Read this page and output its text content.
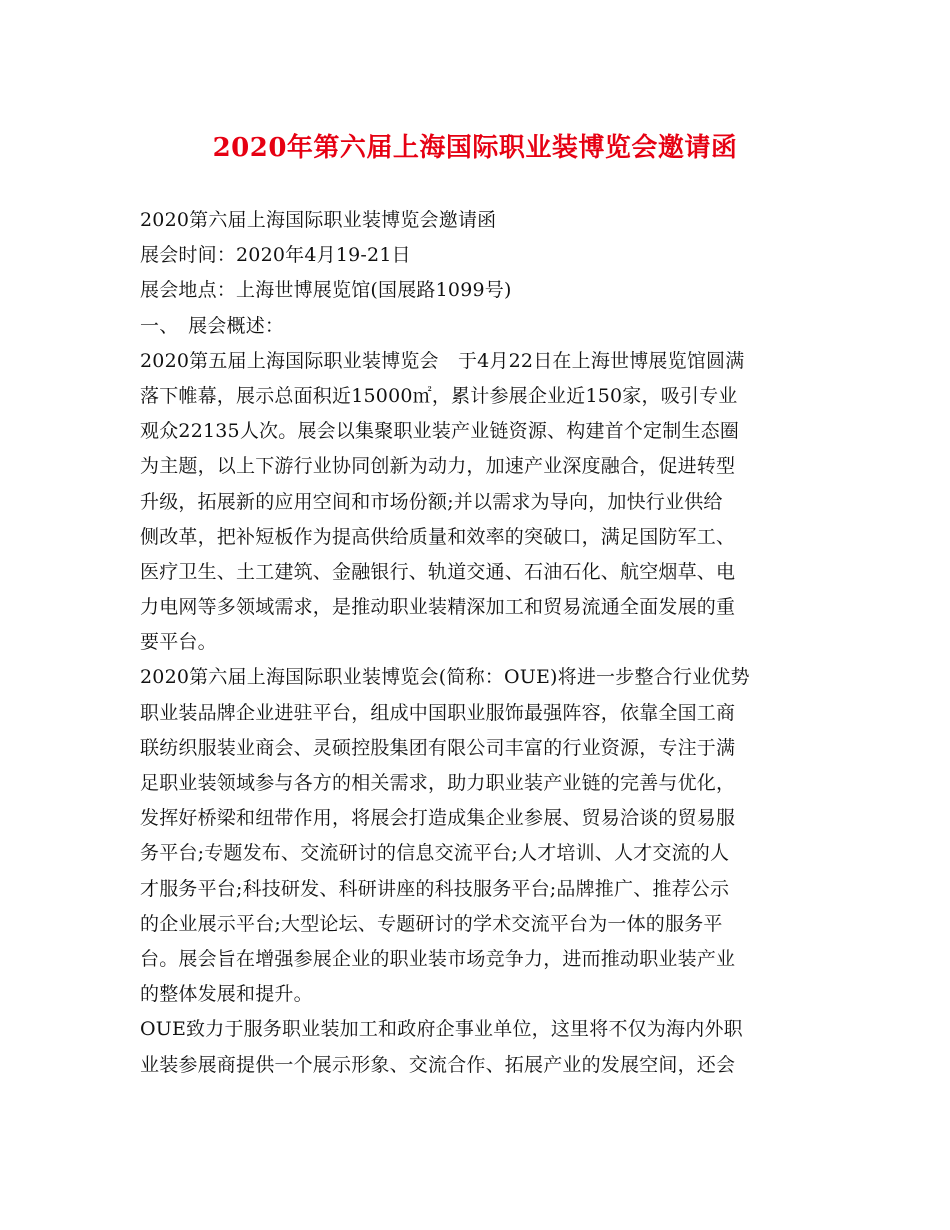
2020年第六届上海国际职业装博览会邀请函
2020第六届上海国际职业装博览会邀请函
展会时间：2020年4月19-21日
展会地点：上海世博展览馆(国展路1099号)
一、　展会概述：
2020第五届上海国际职业装博览会　于4月22日在上海世博展览馆圆满
落下帷幕，展示总面积近15000㎡，累计参展企业近150家，吸引专业
观众22135人次。展会以集聚职业装产业链资源、构建首个定制生态圈
为主题，以上下游行业协同创新为动力，加速产业深度融合，促进转型
升级，拓展新的应用空间和市场份额;并以需求为导向，加快行业供给
侧改革，把补短板作为提高供给质量和效率的突破口，满足国防军工、
医疗卫生、土工建筑、金融银行、轨道交通、石油石化、航空烟草、电
力电网等多领域需求，是推动职业装精深加工和贸易流通全面发展的重
要平台。
2020第六届上海国际职业装博览会(简称：OUE)将进一步整合行业优势
职业装品牌企业进驻平台，组成中国职业服饰最强阵容，依靠全国工商
联纺织服装业商会、灵硕控股集团有限公司丰富的行业资源，专注于满
足职业装领域参与各方的相关需求，助力职业装产业链的完善与优化，
发挥好桥梁和纽带作用，将展会打造成集企业参展、贸易洽谈的贸易服
务平台;专题发布、交流研讨的信息交流平台;人才培训、人才交流的人
才服务平台;科技研发、科研讲座的科技服务平台;品牌推广、推荐公示
的企业展示平台;大型论坛、专题研讨的学术交流平台为一体的服务平
台。展会旨在增强参展企业的职业装市场竞争力，进而推动职业装产业
的整体发展和提升。
OUE致力于服务职业装加工和政府企事业单位，这里将不仅为海内外职
业装参展商提供一个展示形象、交流合作、拓展产业的发展空间，还会
